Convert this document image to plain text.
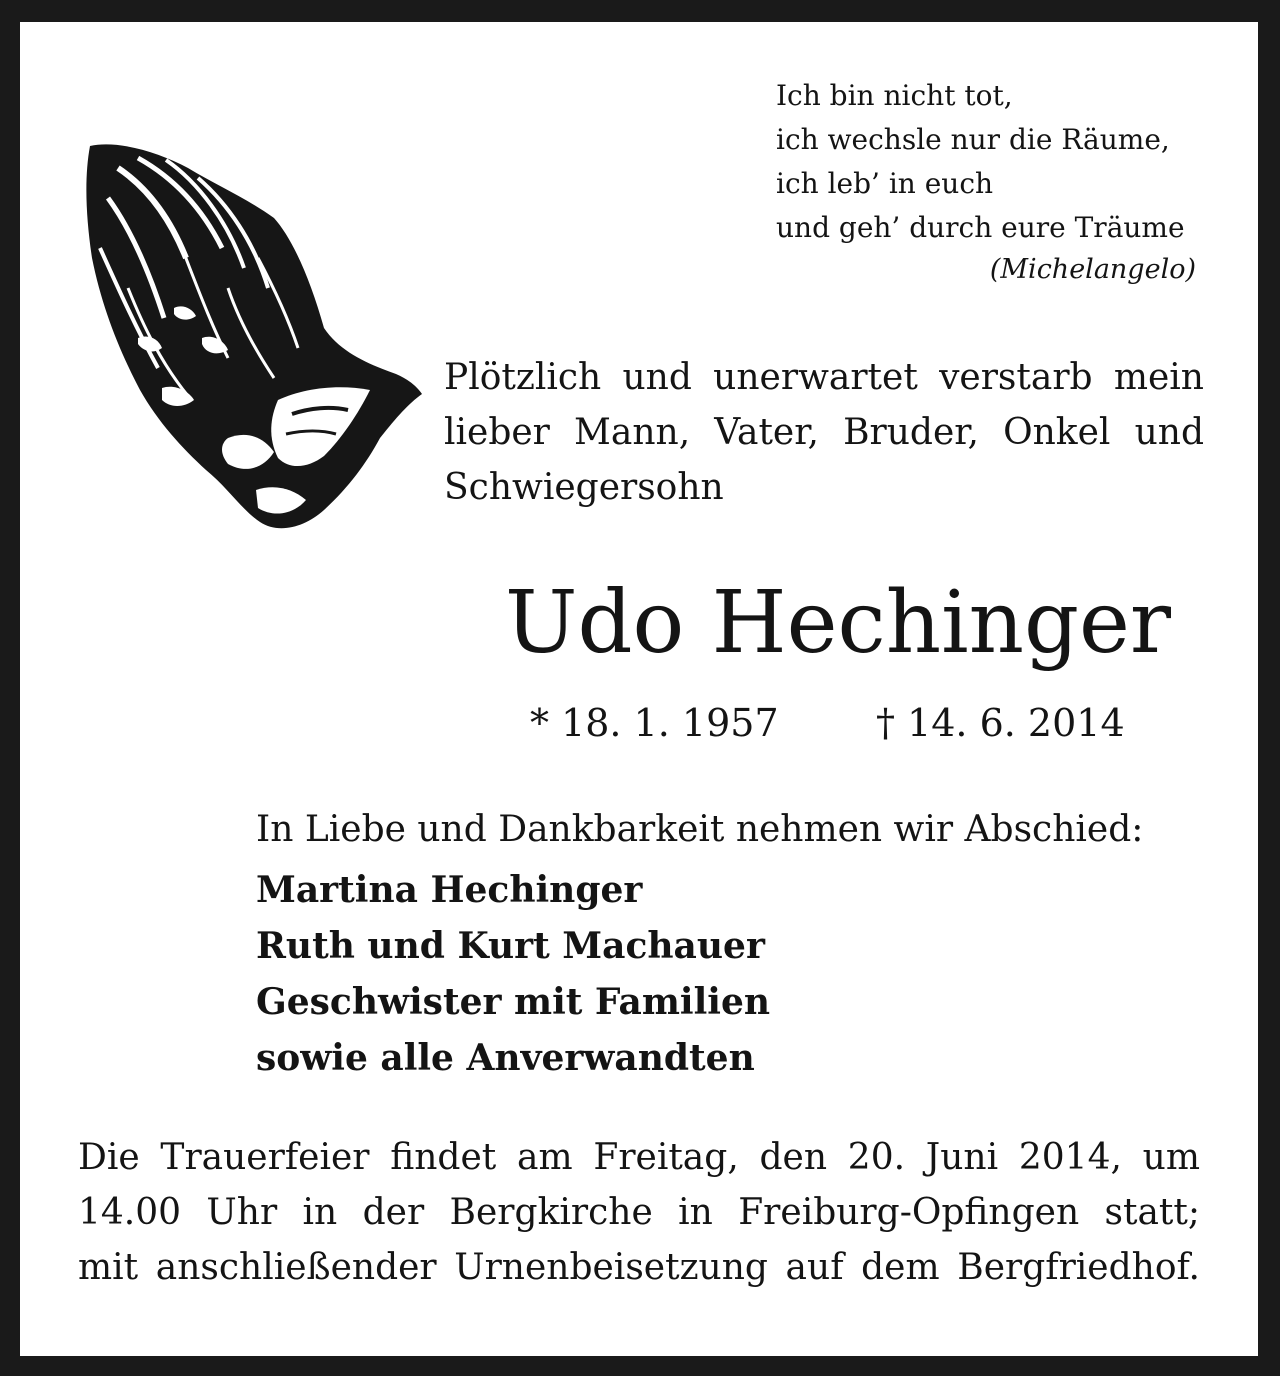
Ich bin nicht tot,
ich wechsle nur die Räume,
ich leb’ in euch
und geh’ durch eure Träume
(Michelangelo)
Plötzlich und unerwartet verstarb mein
lieber Mann, Vater, Bruder, Onkel und
Schwiegersohn
Udo Hechinger
* 18. 1. 1957	† 14. 6. 2014
In Liebe und Dankbarkeit nehmen wir Abschied:
Martina Hechinger
Ruth und Kurt Machauer
Geschwister mit Familien
sowie alle Anverwandten
Die Trauerfeier findet am Freitag, den 20. Juni 2014, um
14.00 Uhr in der Bergkirche in Freiburg-Opfingen statt;
mit anschließender Urnenbeisetzung auf dem Bergfriedhof.
